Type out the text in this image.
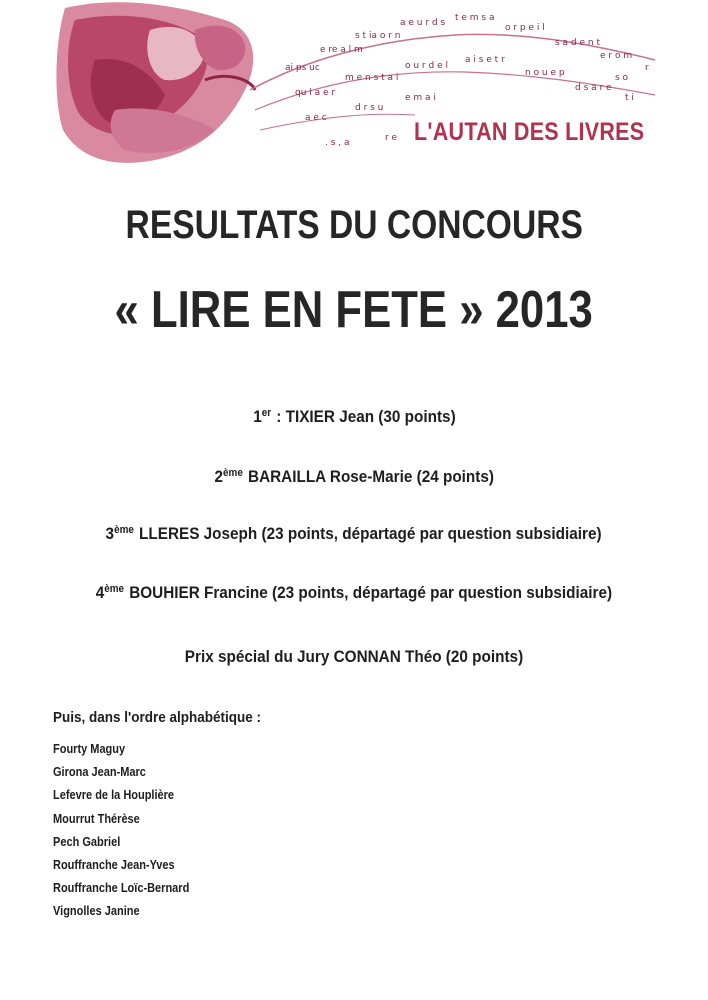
ai ps uc
e re a l m
s t ia o r n
a e u r d s t e m s a
o r p e i l
s a d e n t
e r o m
qu l a e r
m e n s t a i
o u r d e l
a i s e t r
n o u e p
d s a r e
t i
a e c
d r s u
e m a i
s o
r
. s , a	r e L'AUTAN DES LIVRES
RESULTATS DU CONCOURS
« LIRE EN FETE » 2013
1er : TIXIER Jean (30 points)
2ème BARAILLA Rose-Marie (24 points)
3ème LLERES Joseph (23 points, départagé par question subsidiaire)
4ème BOUHIER Francine (23 points, départagé par question subsidiaire)
Prix spécial du Jury CONNAN Théo (20 points)
Puis, dans l'ordre alphabétique :
Fourty Maguy
Girona Jean-Marc
Lefevre de la Houplière
Mourrut Thérèse
Pech Gabriel
Rouffranche Jean-Yves
Rouffranche Loïc-Bernard
Vignolles Janine
